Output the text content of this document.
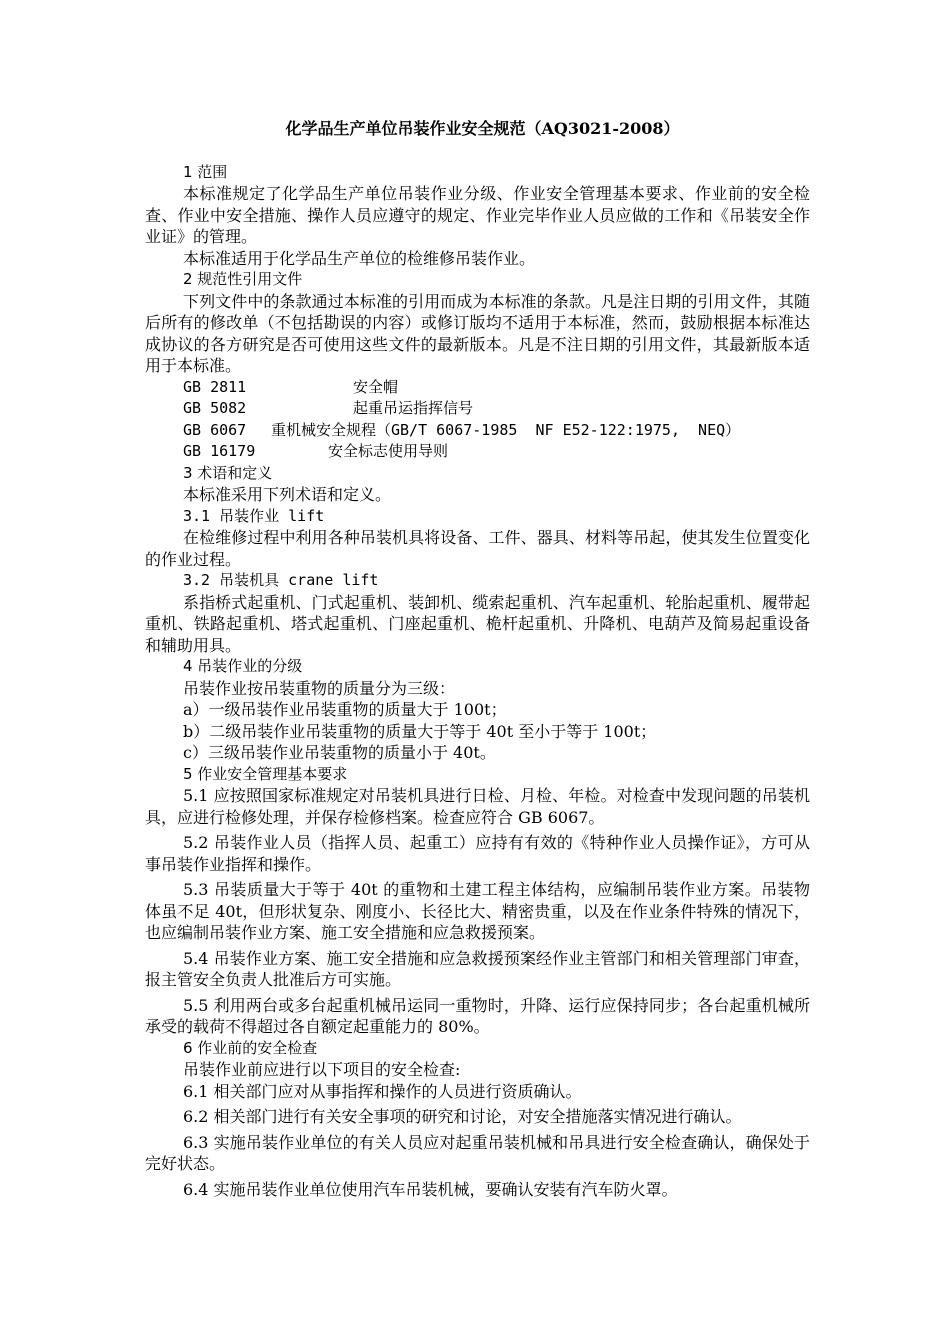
化学品生产单位吊装作业安全规范（AQ3021-2008）
1 范围

本标准规定了化学品生产单位吊装作业分级、作业安全管理基本要求、作业前的安全检查、作业中安全措施、操作人员应遵守的规定、作业完毕作业人员应做的工作和《吊装安全作业证》的管理。

本标准适用于化学品生产单位的检维修吊装作业。

2 规范性引用文件

下列文件中的条款通过本标准的引用而成为本标准的条款。凡是注日期的引用文件，其随后所有的修改单（不包括勘误的内容）或修订版均不适用于本标准，然而，鼓励根据本标准达成协议的各方研究是否可使用这些文件的最新版本。凡是不注日期的引用文件，其最新版本适用于本标准。

GB 2811	安全帽
GB 5082	起重吊运指挥信号
GB 6067 重机械安全规程（GB/T 6067-1985  NF E52-122:1975,  NEQ）
GB 16179	安全标志使用导则
3 术语和定义

本标准采用下列术语和定义。

3.1 吊装作业 lift

在检维修过程中利用各种吊装机具将设备、工件、器具、材料等吊起，使其发生位置变化的作业过程。

3.2 吊装机具 crane lift

系指桥式起重机、门式起重机、装卸机、缆索起重机、汽车起重机、轮胎起重机、履带起重机、铁路起重机、塔式起重机、门座起重机、桅杆起重机、升降机、电葫芦及简易起重设备和辅助用具。

4 吊装作业的分级

吊装作业按吊装重物的质量分为三级：

a）一级吊装作业吊装重物的质量大于 100t；

b）二级吊装作业吊装重物的质量大于等于 40t 至小于等于 100t；

c）三级吊装作业吊装重物的质量小于 40t。

5 作业安全管理基本要求

5.1 应按照国家标准规定对吊装机具进行日检、月检、年检。对检查中发现问题的吊装机具，应进行检修处理，并保存检修档案。检查应符合 GB 6067。

5.2 吊装作业人员（指挥人员、起重工）应持有有效的《特种作业人员操作证》，方可从事吊装作业指挥和操作。

5.3 吊装质量大于等于 40t 的重物和土建工程主体结构，应编制吊装作业方案。吊装物体虽不足 40t，但形状复杂、刚度小、长径比大、精密贵重，以及在作业条件特殊的情况下，也应编制吊装作业方案、施工安全措施和应急救援预案。

5.4 吊装作业方案、施工安全措施和应急救援预案经作业主管部门和相关管理部门审查，报主管安全负责人批准后方可实施。

5.5 利用两台或多台起重机械吊运同一重物时，升降、运行应保持同步；各台起重机械所承受的载荷不得超过各自额定起重能力的 80%。

6 作业前的安全检查

吊装作业前应进行以下项目的安全检查:

6.1 相关部门应对从事指挥和操作的人员进行资质确认。

6.2 相关部门进行有关安全事项的研究和讨论，对安全措施落实情况进行确认。

6.3 实施吊装作业单位的有关人员应对起重吊装机械和吊具进行安全检查确认，确保处于完好状态。

6.4 实施吊装作业单位使用汽车吊装机械，要确认安装有汽车防火罩。
